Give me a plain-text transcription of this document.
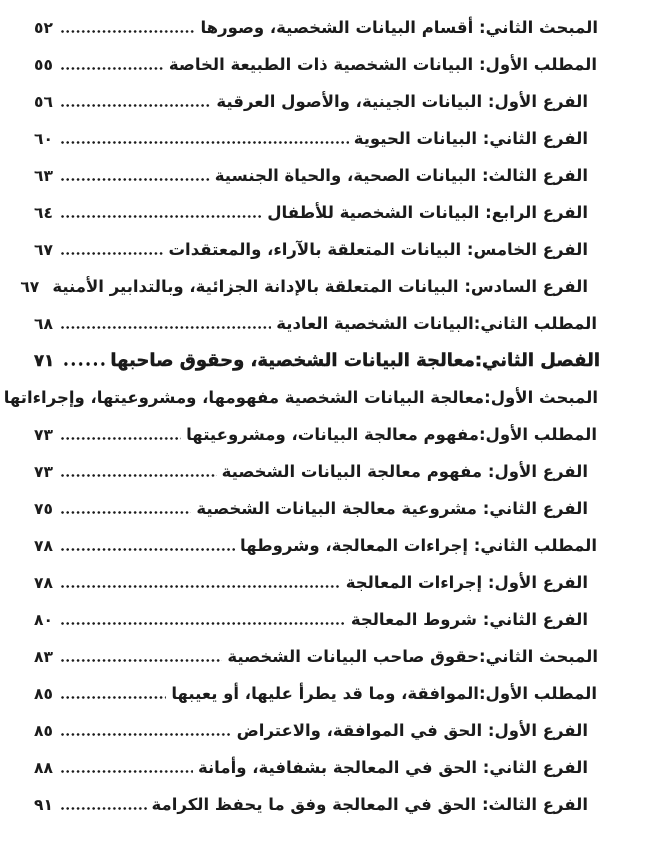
المبحث الثاني: أقسام البيانات الشخصية، وصورها
٥٢
المطلب الأول: البيانات الشخصية ذات الطبيعة الخاصة
٥٥
الفرع الأول: البيانات الجينية، والأصول العرقية
٥٦
الفرع الثاني: البيانات الحيوية
٦٠
الفرع الثالث: البيانات الصحية، والحياة الجنسية
٦٣
الفرع الرابع: البيانات الشخصية للأطفال
٦٤
الفرع الخامس: البيانات المتعلقة بالآراء، والمعتقدات
٦٧
الفرع السادس: البيانات المتعلقة بالإدانة الجزائية، وبالتدابير الأمنية
٦٧
المطلب الثاني:البيانات الشخصية العادية
٦٨
الفصل الثاني:معالجة البيانات الشخصية، وحقوق صاحبها
٧١
المبحث الأول:معالجة البيانات الشخصية مفهومها، ومشروعيتها، وإجراءاتها
المطلب الأول:مفهوم معالجة البيانات، ومشروعيتها
٧٣
الفرع الأول: مفهوم معالجة البيانات الشخصية
٧٣
الفرع الثاني: مشروعية معالجة البيانات الشخصية
٧٥
المطلب الثاني: إجراءات المعالجة، وشروطها
٧٨
الفرع الأول: إجراءات المعالجة
٧٨
الفرع الثاني: شروط المعالجة
٨٠
المبحث الثاني:حقوق صاحب البيانات الشخصية
٨٣
المطلب الأول:الموافقة، وما قد يطرأ عليها، أو يعيبها
٨٥
الفرع الأول: الحق في الموافقة، والاعتراض
٨٥
الفرع الثاني: الحق في المعالجة بشفافية، وأمانة
٨٨
الفرع الثالث: الحق في المعالجة وفق ما يحفظ الكرامة
٩١
